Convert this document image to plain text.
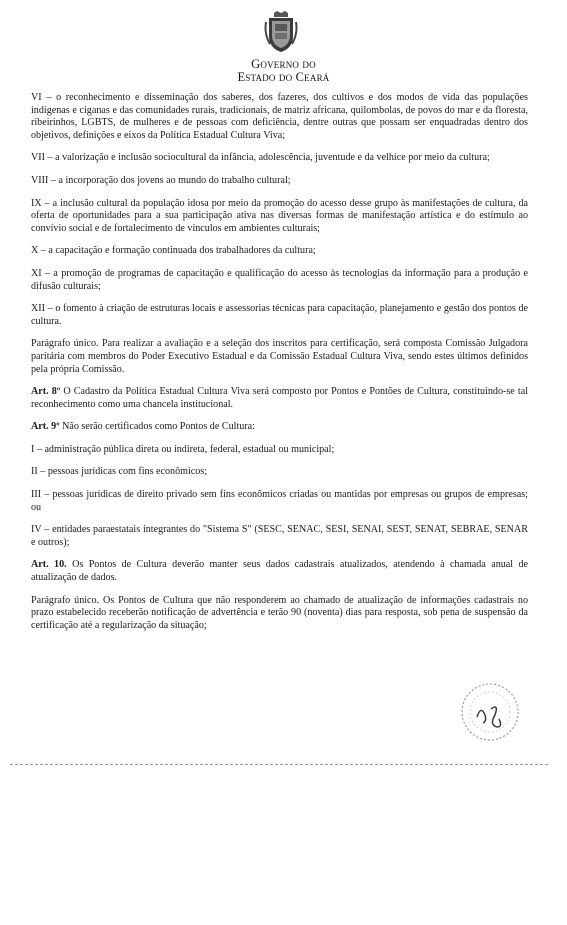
Governo do
Estado do Ceará

VI – o reconhecimento e disseminação dos saberes, dos fazeres, dos cultivos e dos modos de vida das populações indígenas e ciganas e das comunidades rurais, tradicionais, de matriz africana, quilombolas, de povos do mar e da floresta, ribeirinhos, LGBTS, de mulheres e de pessoas com deficiência, dentre outras que possam ser enquadradas dentro dos objetivos, definições e eixos da Política Estadual Cultura Viva;

VII – a valorização e inclusão sociocultural da infância, adolescência, juventude e da velhice por meio da cultura;

VIII – a incorporação dos jovens ao mundo do trabalho cultural;

IX – a inclusão cultural da população idosa por meio da promoção do acesso desse grupo às manifestações de cultura, da oferta de oportunidades para a sua participação ativa nas diversas formas de manifestação artística e do estímulo ao convívio social e de fortalecimento de vínculos em ambientes culturais;

X – a capacitação e formação continuada dos trabalhadores da cultura;

XI – a promoção de programas de capacitação e qualificação do acesso às tecnologias da informação para a produção e difusão culturais;

XII – o fomento à criação de estruturas locais e assessorias técnicas para capacitação, planejamento e gestão dos pontos de cultura.

Parágrafo único. Para realizar a avaliação e a seleção dos inscritos para certificação, será composta Comissão Julgadora paritária com membros do Poder Executivo Estadual e da Comissão Estadual Cultura Viva, sendo estes últimos definidos pela própria Comissão.

Art. 8º O Cadastro da Política Estadual Cultura Viva será composto por Pontos e Pontões de Cultura, constituindo-se tal reconhecimento como uma chancela institucional.

Art. 9º Não serão certificados como Pontos de Cultura:

I – administração pública direta ou indireta, federal, estadual ou municipal;

II – pessoas jurídicas com fins econômicos;

III – pessoas jurídicas de direito privado sem fins econômicos criadas ou mantidas por empresas ou grupos de empresas; ou

IV – entidades paraestatais integrantes do "Sistema S" (SESC, SENAC, SESI, SENAI, SEST, SENAT, SEBRAE, SENAR e outros);

Art. 10. Os Pontos de Cultura deverão manter seus dados cadastrais atualizados, atendendo à chamada anual de atualização de dados.

Parágrafo único. Os Pontos de Cultura que não responderem ao chamado de atualização de informações cadastrais no prazo estabelecido receberão notificação de advertência e terão 90 (noventa) dias para resposta, sob pena de suspensão da certificação até a regularização da situação;
